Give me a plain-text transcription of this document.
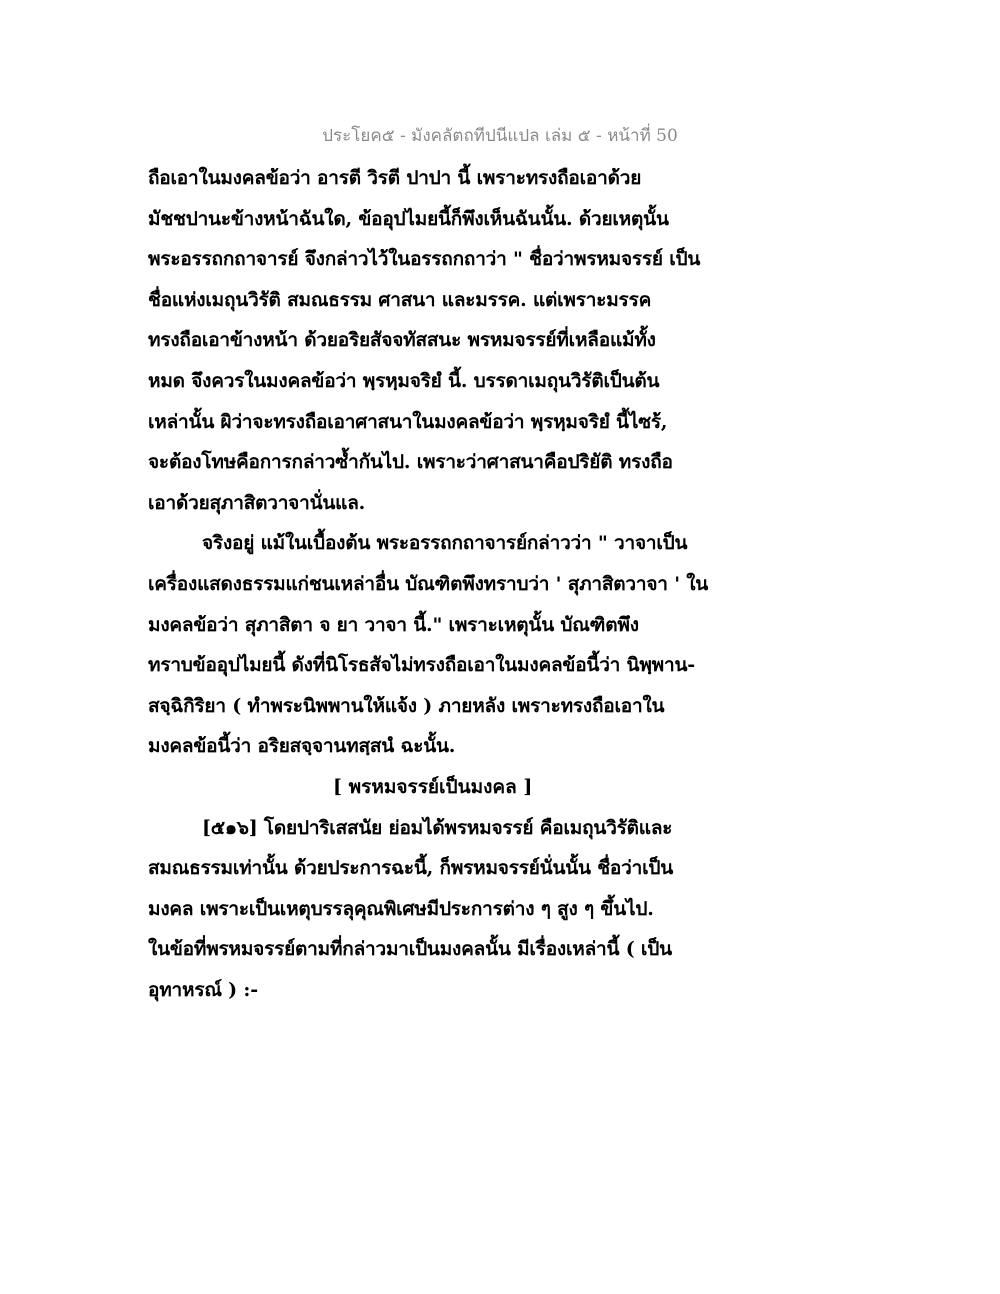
ประโยค๕ - มังคลัตถทีปนีแปล เล่ม ๕ - หน้าที่ 50
ถือเอาในมงคลข้อว่า อารตี วิรตี ปาปา นี้ เพราะทรงถือเอาด้วย
มัชชปานะข้างหน้าฉันใด, ข้ออุปไมยนี้ก็พึงเห็นฉันนั้น. ด้วยเหตุนั้น
พระอรรถกถาจารย์ จึงกล่าวไว้ในอรรถกถาว่า " ชื่อว่าพรหมจรรย์ เป็น
ชื่อแห่งเมถุนวิรัติ สมณธรรม ศาสนา และมรรค. แต่เพราะมรรค
ทรงถือเอาข้างหน้า ด้วยอริยสัจจทัสสนะ พรหมจรรย์ที่เหลือแม้ทั้ง
หมด จึงควรในมงคลข้อว่า พฺรหฺมจริยํ นี้. บรรดาเมถุนวิรัติเป็นต้น
เหล่านั้น ผิว่าจะทรงถือเอาศาสนาในมงคลข้อว่า พฺรหฺมจริยํ นี้ไซร้,
จะต้องโทษคือการกล่าวซ้ำกันไป. เพราะว่าศาสนาคือปริยัติ ทรงถือ
เอาด้วยสุภาสิตวาจานั่นแล.
จริงอยู่ แม้ในเบื้องต้น พระอรรถกถาจารย์กล่าวว่า " วาจาเป็น
เครื่องแสดงธรรมแก่ชนเหล่าอื่น บัณฑิตพึงทราบว่า ' สุภาสิตวาจา ' ใน
มงคลข้อว่า สุภาสิตา จ ยา วาจา นี้." เพราะเหตุนั้น บัณฑิตพึง
ทราบข้ออุปไมยนี้ ดังที่นิโรธสัจไม่ทรงถือเอาในมงคลข้อนี้ว่า นิพฺพาน-
สจฺฉิกิริยา ( ทำพระนิพพานให้แจ้ง ) ภายหลัง เพราะทรงถือเอาใน
มงคลข้อนี้ว่า อริยสจฺจานทสฺสนํ ฉะนั้น.
[ พรหมจรรย์เป็นมงคล ]
[๕๑๖] โดยปาริเสสนัย ย่อมได้พรหมจรรย์ คือเมถุนวิรัติและ
สมณธรรมเท่านั้น ด้วยประการฉะนี้, ก็พรหมจรรย์นั่นนั้น ชื่อว่าเป็น
มงคล เพราะเป็นเหตุบรรลุคุณพิเศษมีประการต่าง ๆ สูง ๆ ขึ้นไป.
ในข้อที่พรหมจรรย์ตามที่กล่าวมาเป็นมงคลนั้น มีเรื่องเหล่านี้ ( เป็น
อุทาหรณ์ ) :-
